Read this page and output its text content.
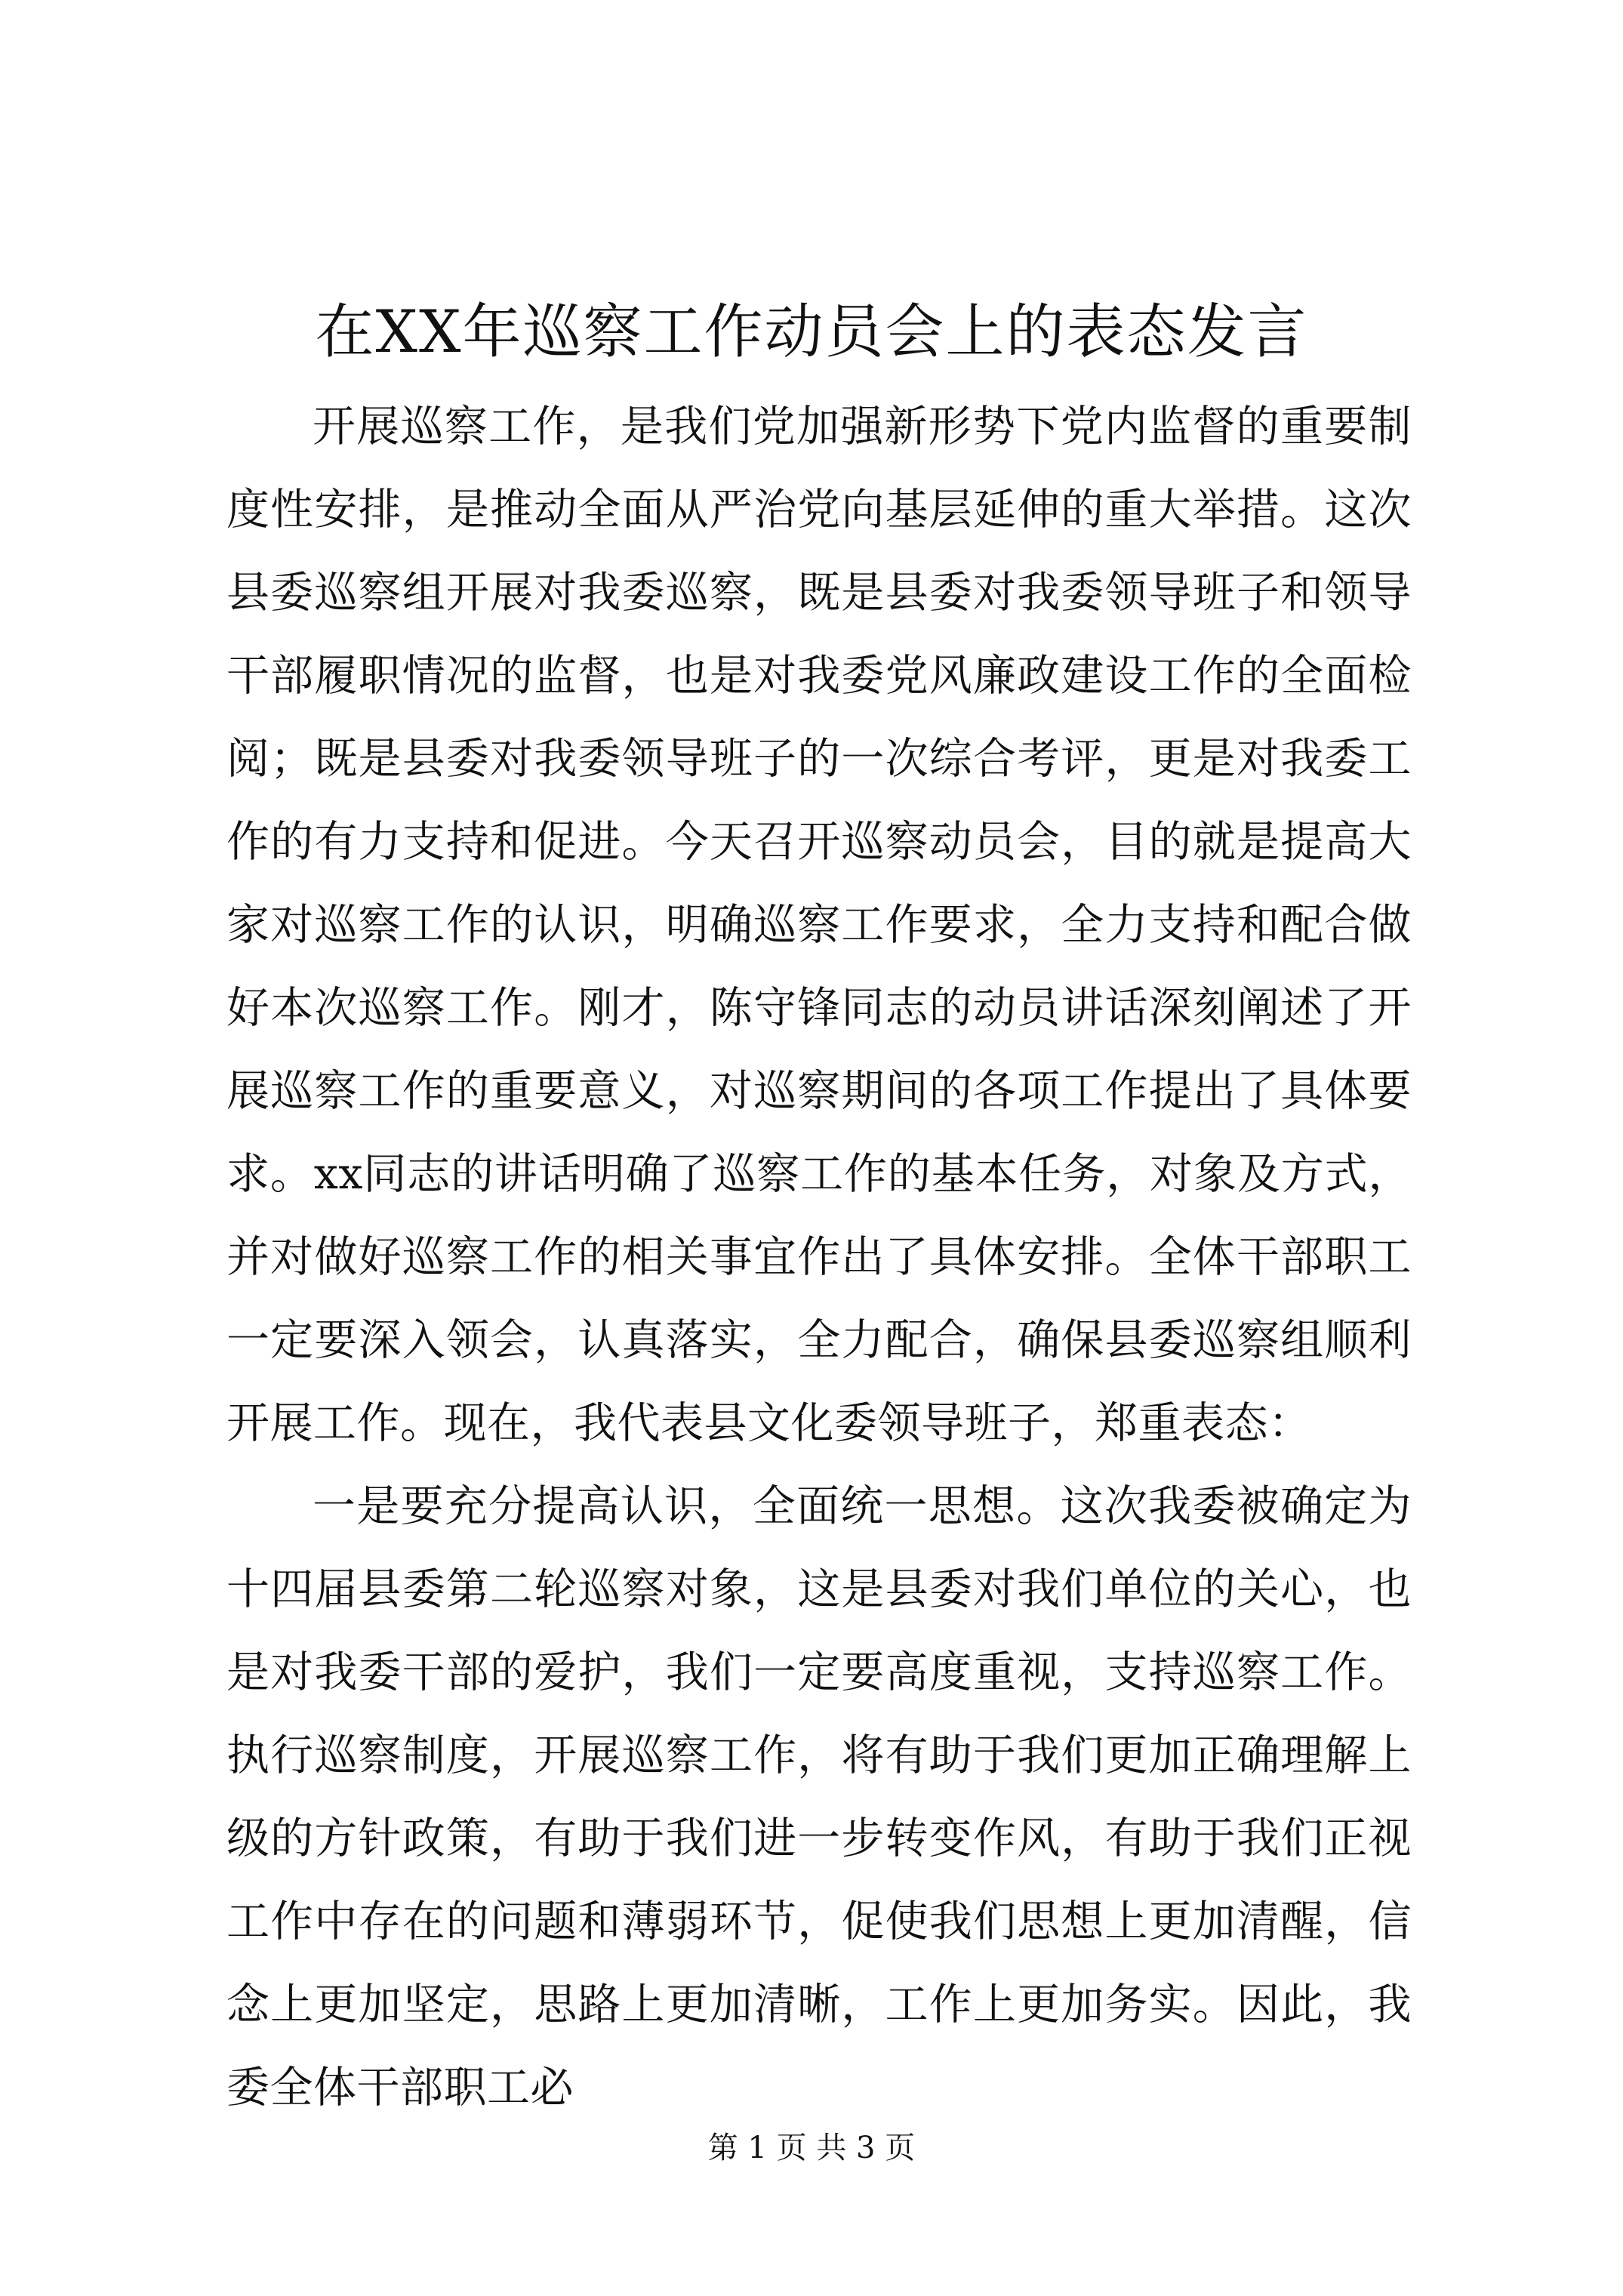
在XX年巡察工作动员会上的表态发言

开展巡察工作，是我们党加强新形势下党内监督的重要制度性安排，是推动全面从严治党向基层延伸的重大举措。这次县委巡察组开展对我委巡察，既是县委对我委领导班子和领导干部履职情况的监督，也是对我委党风廉政建设工作的全面检阅；既是县委对我委领导班子的一次综合考评，更是对我委工作的有力支持和促进。今天召开巡察动员会，目的就是提高大家对巡察工作的认识，明确巡察工作要求，全力支持和配合做好本次巡察工作。刚才，陈守锋同志的动员讲话深刻阐述了开展巡察工作的重要意义，对巡察期间的各项工作提出了具体要求。xx同志的讲话明确了巡察工作的基本任务，对象及方式，并对做好巡察工作的相关事宜作出了具体安排。全体干部职工一定要深入领会，认真落实，全力配合，确保县委巡察组顺利开展工作。现在，我代表县文化委领导班子，郑重表态：

一是要充分提高认识，全面统一思想。这次我委被确定为十四届县委第二轮巡察对象，这是县委对我们单位的关心，也是对我委干部的爱护，我们一定要高度重视，支持巡察工作。执行巡察制度，开展巡察工作，将有助于我们更加正确理解上级的方针政策，有助于我们进一步转变作风，有助于我们正视工作中存在的问题和薄弱环节，促使我们思想上更加清醒，信念上更加坚定，思路上更加清晰，工作上更加务实。因此，我委全体干部职工必

第 1 页 共 3 页
